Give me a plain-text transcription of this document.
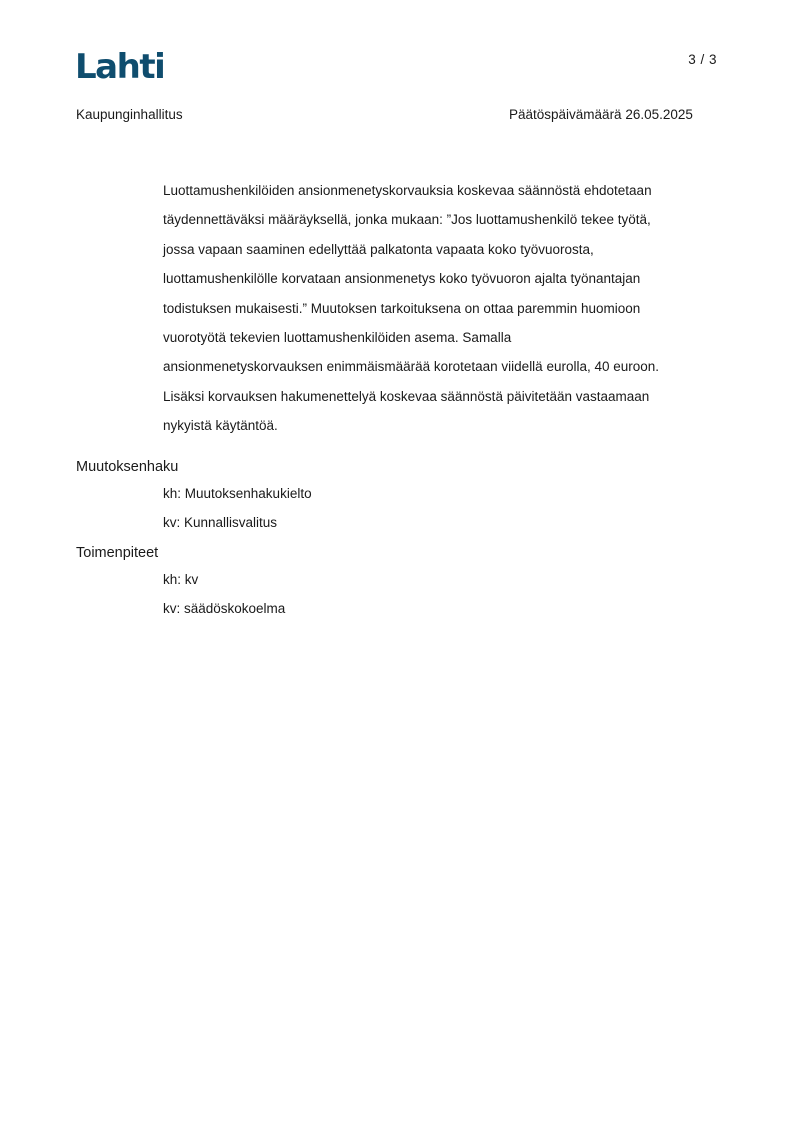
Lahti	3 / 3
Kaupunginhallitus	Päätöspäivämäärä 26.05.2025
Luottamushenkilöiden ansionmenetyskorvauksia koskevaa säännöstä ehdotetaan
täydennettäväksi määräyksellä, jonka mukaan: ”Jos luottamushenkilö tekee työtä,
jossa vapaan saaminen edellyttää palkatonta vapaata koko työvuorosta,
luottamushenkilölle korvataan ansionmenetys koko työvuoron ajalta työnantajan
todistuksen mukaisesti.” Muutoksen tarkoituksena on ottaa paremmin huomioon
vuorotyötä tekevien luottamushenkilöiden asema. Samalla
ansionmenetyskorvauksen enimmäismäärää korotetaan viidellä eurolla, 40 euroon.
Lisäksi korvauksen hakumenettelyä koskevaa säännöstä päivitetään vastaamaan
nykyistä käytäntöä.
Muutoksenhaku
kh: Muutoksenhakukielto
kv: Kunnallisvalitus
Toimenpiteet
kh: kv
kv: säädöskokoelma
